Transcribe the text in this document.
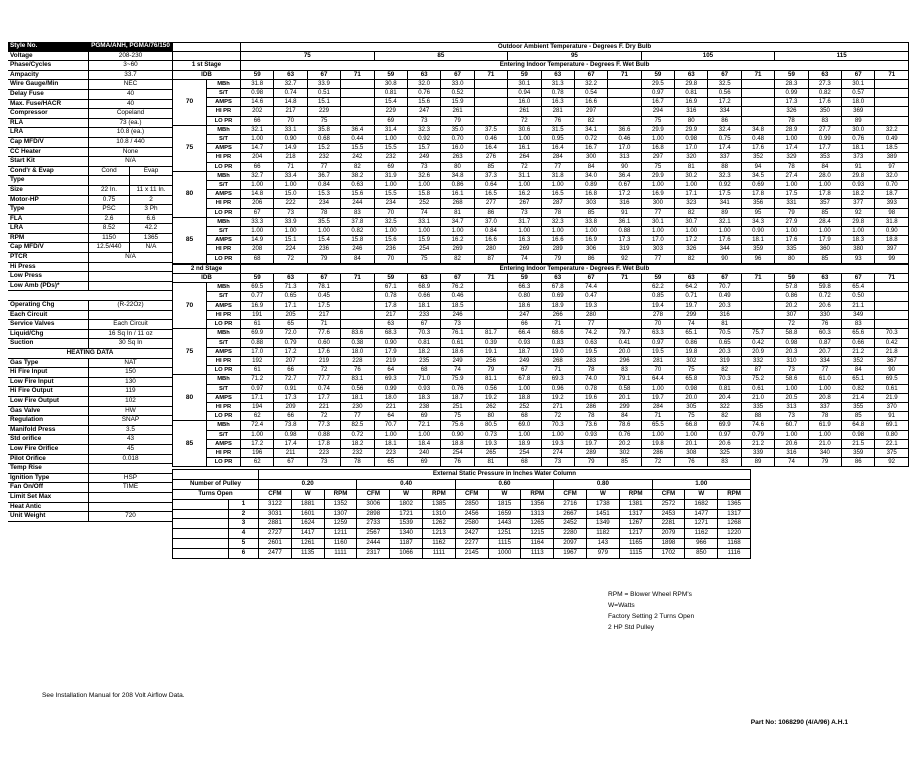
Style No.	PGMA/ANH, PGMA/76/150
Voltage	208-230
Phase/Cycles	3~60
Ampacity	33.7
Wire Gauge/Min	NEC
Delay Fuse	40
Max. Fuse/HACR	40
Compressor	Copeland
RLA	73 (ea.)
LRA	10.8 (ea.)
Cap MFD/V	10.8 / 440
CC Heater	None
Start Kit	N/A
Cond'r & Evap	Cond	Evap
Type
Size	22 In.	11 x 11 In.
Motor-HP	0.75	2
Type	PSC	3 Ph
FLA	2.6	6.6
LRA	8.52	42.2
RPM	1150	1365
Cap MFD/V	12.5/440	N/A
PTCR	N/A
Hi Press
Low Press
Low Amb (PDs)*
Operating Chg	(R-22Oz)
Each Circuit
Service Valves	Each Circuit
Liquid/Chg	16 Sq In / 11 oz
Suction	30 Sq In
HEATING DATA
Gas Type	NAT
Hi Fire Input	150
Low Fire Input	130
Hi Fire Output	119
Low Fire Output	102
Gas Valve	HW
Regulation	SNAP
Manifold Press	3.5
Std orifice	43
Low Fire Orifice	45
Pilot Orifice	0.018
Temp Rise
Ignition Type	HSP
Fan On/Off	TIME
Limit Set Max
Heat Antic
Unit Weight	720
		Outdoor Ambient Temperature - Degrees F. Dry Bulb																			
		75				85				95				105				115			
1 st Stage		Entering Indoor Temperature - Degrees F. Wet Bulb																			
IDB		59	63	67	71	59	63	67	71	59	63	67	71	59	63	67	71	59	63	67	71
70	MBh	31.8	32.7	33.9		30.8	32.0	33.0		30.1	31.3	32.2		29.5	29.8	32.5		28.3	27.3	30.1	
	S/T	0.98	0.74	0.51		0.81	0.76	0.52		0.94	0.78	0.54		0.97	0.81	0.56		0.99	0.82	0.57	
	AMPS	14.6	14.8	15.1		15.4	15.6	15.9		16.0	16.3	16.6		16.7	16.9	17.2		17.3	17.6	18.0	
	HI PR	202	217	229		229	247	261		261	281	297		294	316	334		326	350	369	
	LO PR	66	70	75		69	73	79		72	76	82		75	80	86		78	83	89	
75	MBh	32.1	33.1	35.8	36.4	31.4	32.3	35.0	37.5	30.6	31.5	34.1	36.6	29.9	29.9	32.4	34.8	28.9	27.7	30.0	32.2
	S/T	1.00	0.90	0.68	0.44	1.00	0.92	0.70	0.46	1.00	0.95	0.72	0.46	1.00	0.98	0.75	0.48	1.00	0.99	0.76	0.49
	AMPS	14.7	14.9	15.2	15.5	15.5	15.7	16.0	16.4	16.1	16.4	16.7	17.0	16.8	17.0	17.4	17.6	17.4	17.7	18.1	18.5
	HI PR	204	218	232	242	232	249	263	276	264	284	300	313	297	320	337	352	329	353	373	389
	LO PR	66	71	77	82	69	73	80	85	72	77	84	90	75	81	88	94	78	84	91	97
80	MBh	32.7	33.4	36.7	38.2	31.9	32.6	34.8	37.3	31.1	31.8	34.0	36.4	29.9	30.2	32.3	34.5	27.4	28.0	29.8	32.0
	S/T	1.00	1.00	0.84	0.63	1.00	1.00	0.86	0.64	1.00	1.00	0.89	0.67	1.00	1.00	0.92	0.69	1.00	1.00	0.93	0.70
	AMPS	14.8	15.0	15.3	15.6	15.5	15.8	16.1	16.5	16.2	16.5	16.8	17.2	16.9	17.1	17.5	17.8	17.5	17.8	18.2	18.7
	HI PR	206	222	234	244	234	252	268	277	267	287	303	316	300	323	341	356	331	357	377	393
	LO PR	67	73	78	83	70	74	81	86	73	78	85	91	77	82	89	95	79	85	92	98
85	MBh	33.3	33.9	35.5	37.8	32.5	33.1	34.7	37.0	31.7	32.3	33.8	36.1	30.1	30.7	32.1	34.3	27.9	28.4	29.8	31.8
	S/T	1.00	1.00	1.00	0.82	1.00	1.00	1.00	0.84	1.00	1.00	1.00	0.88	1.00	1.00	1.00	0.90	1.00	1.00	1.00	0.90
	AMPS	14.9	15.1	15.4	15.8	15.6	15.9	16.2	16.6	16.3	16.6	16.9	17.3	17.0	17.2	17.6	18.1	17.6	17.9	18.3	18.8
	HI PR	208	224	236	246	236	254	269	280	269	289	306	319	303	326	344	359	335	360	380	397
	LO PR	68	72	79	84	70	75	82	87	74	79	86	92	77	82	90	96	80	85	93	99
2 nd Stage		Entering Indoor Temperature - Degrees F. Wet Bulb																			
IDB		59	63	67	71	59	63	67	71	59	63	67	71	59	63	67	71	59	63	67	71
70	MBh	69.5	71.3	78.1		67.1	68.9	76.2		66.3	67.8	74.4		62.2	64.2	70.7		57.8	59.8	65.4	
	S/T	0.77	0.65	0.45		0.78	0.66	0.46		0.80	0.69	0.47		0.85	0.71	0.49		0.86	0.72	0.50	
	AMPS	16.9	17.1	17.5		17.8	18.1	18.5		18.6	18.9	19.3		19.4	19.7	20.3		20.2	20.6	21.1	
	HI PR	191	205	217		217	233	246		247	266	280		278	299	316		307	330	349	
	LO PR	61	65	71		63	67	73		66	71	77		70	74	81		72	76	83	
75	MBh	69.9	72.0	77.6	83.6	68.3	70.3	76.1	81.7	66.4	68.6	74.2	79.7	63.3	65.1	70.5	75.7	58.8	60.3	65.6	70.3
	S/T	0.88	0.79	0.60	0.38	0.90	0.81	0.61	0.39	0.93	0.83	0.63	0.41	0.97	0.86	0.65	0.42	0.98	0.87	0.66	0.42
	AMPS	17.0	17.2	17.6	18.0	17.9	18.2	18.6	19.1	18.7	19.0	19.5	20.0	19.5	19.8	20.3	20.9	20.3	20.7	21.2	21.8
	HI PR	192	207	219	228	219	235	249	256	249	268	283	296	281	302	319	332	310	334	352	367
	LO PR	61	66	72	76	64	68	74	79	67	71	78	83	70	75	82	87	73	77	84	90
80	MBh	71.2	72.7	77.7	83.1	69.3	71.0	75.9	81.1	67.8	69.3	74.0	79.1	64.4	65.8	70.3	75.2	58.6	61.0	65.1	69.5
	S/T	0.97	0.91	0.74	0.56	0.99	0.93	0.76	0.56	1.00	0.96	0.78	0.58	1.00	0.98	0.81	0.61	1.00	1.00	0.82	0.61
	AMPS	17.1	17.3	17.7	18.1	18.0	18.3	18.7	19.2	18.8	19.2	19.6	20.1	19.7	20.0	20.4	21.0	20.5	20.8	21.4	21.9
	HI PR	194	209	221	230	221	238	251	262	252	271	286	299	284	305	322	335	313	337	355	370
	LO PR	62	66	72	77	64	69	75	80	68	72	78	84	71	75	82	88	73	78	85	91
85	MBh	72.4	73.8	77.3	82.5	70.7	72.1	75.6	80.5	69.0	70.3	73.6	78.6	65.5	66.8	69.9	74.6	60.7	61.9	64.8	69.1
	S/T	1.00	0.98	0.88	0.72	1.00	1.00	0.90	0.73	1.00	1.00	0.93	0.76	1.00	1.00	0.97	0.79	1.00	1.00	0.98	0.80
	AMPS	17.2	17.4	17.8	18.2	18.1	18.4	18.8	19.3	18.9	19.3	19.7	20.2	19.8	20.1	20.6	21.2	20.6	21.0	21.5	22.1
	HI PR	196	211	223	232	223	240	254	265	254	274	289	302	286	308	325	339	316	340	359	375
	LO PR	62	67	73	78	65	69	76	81	68	73	79	85	72	76	83	89	74	79	86	92
		External Static Pressure in Inches Water Column														
Number of Pulley		0.20			0.40			0.60			0.80			1.00		
Turns Open		CFM	W	RPM	CFM	W	RPM	CFM	W	RPM	CFM	W	RPM	CFM	W	RPM
	1	3122	1881	1352	3006	1802	1385	2850	1815	1356	2716	1738	1381	2572	1682	1365
	2	3031	1601	1307	2898	1721	1310	2456	1659	1313	2667	1451	1317	2453	1477	1317
	3	2881	1624	1259	2733	1539	1262	2580	1443	1265	2452	1349	1267	2281	1271	1268
	4	2727	1417	1211	2567	1340	1213	2427	1251	1215	2280	1182	1217	2079	1162	1220
	5	2601	1261	1160	2444	1187	1162	2277	1115	1164	2097	143	1165	1898	966	1168
	6	2477	1135	1111	2317	1066	1111	2145	1000	1113	1967	979	1115	1702	850	1116
RPM = Blower Wheel RPM's
W=Watts
Factory Setting 2 Turns Open
2 HP Std Pulley
See Installation Manual for 208 Volt Airflow Data.
Part No: 1068290 (4/A/96) A.H.1
